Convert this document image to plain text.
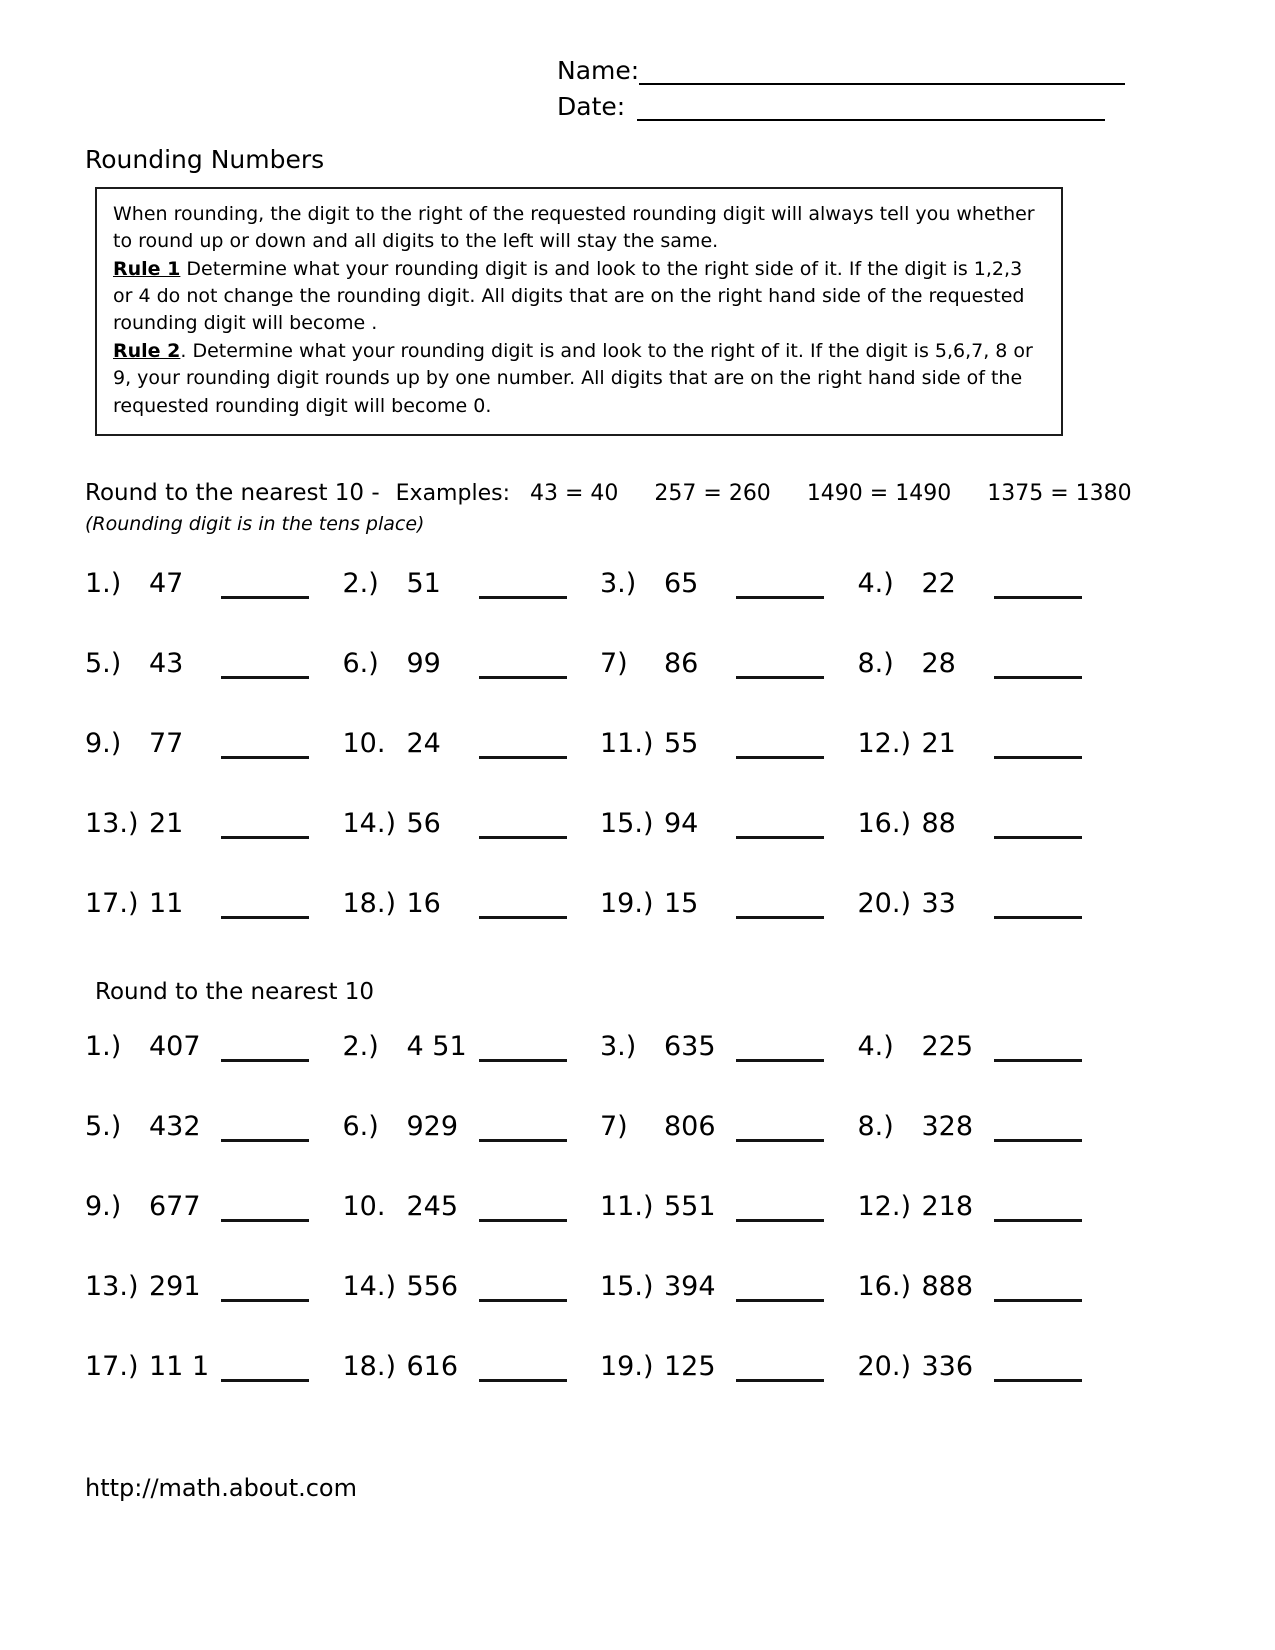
Name:
Date:
Rounding Numbers
When rounding, the digit to the right of the requested rounding digit will always tell you whether to round up or down and all digits to the left will stay the same.
Rule 1 Determine what your rounding digit is and look to the right side of it. If the digit is 1,2,3 or 4 do not change the rounding digit. All digits that are on the right hand side of the requested rounding digit will become .
Rule 2. Determine what your rounding digit is and look to the right of it. If the digit is 5,6,7, 8 or 9, your rounding digit rounds up by one number. All digits that are on the right hand side of the requested rounding digit will become 0.
Round to the nearest 10 - Examples: 43 = 40 257 = 260 1490 = 1490 1375 = 1380
(Rounding digit is in the tens place)
1.)	47	2.)	51	3.)	65	4.)	22
5.)	43	6.)	99	7)	86	8.)	28
9.)	77	10. 24	11.) 55	12.) 21
13.) 21	14.) 56	15.) 94	16.) 88
17.) 11	18.) 16	19.) 15	20.) 33
Round to the nearest 10
1.)	407	2.)	4 51	3.)	635	4.)	225
5.)	432	6.)	929	7)	806	8.)	328
9.)	677	10. 245	11.) 551	12.) 218
13.) 291	14.) 556	15.) 394	16.) 888
17.) 11 1	18.) 616	19.) 125	20.) 336
http://math.about.com
